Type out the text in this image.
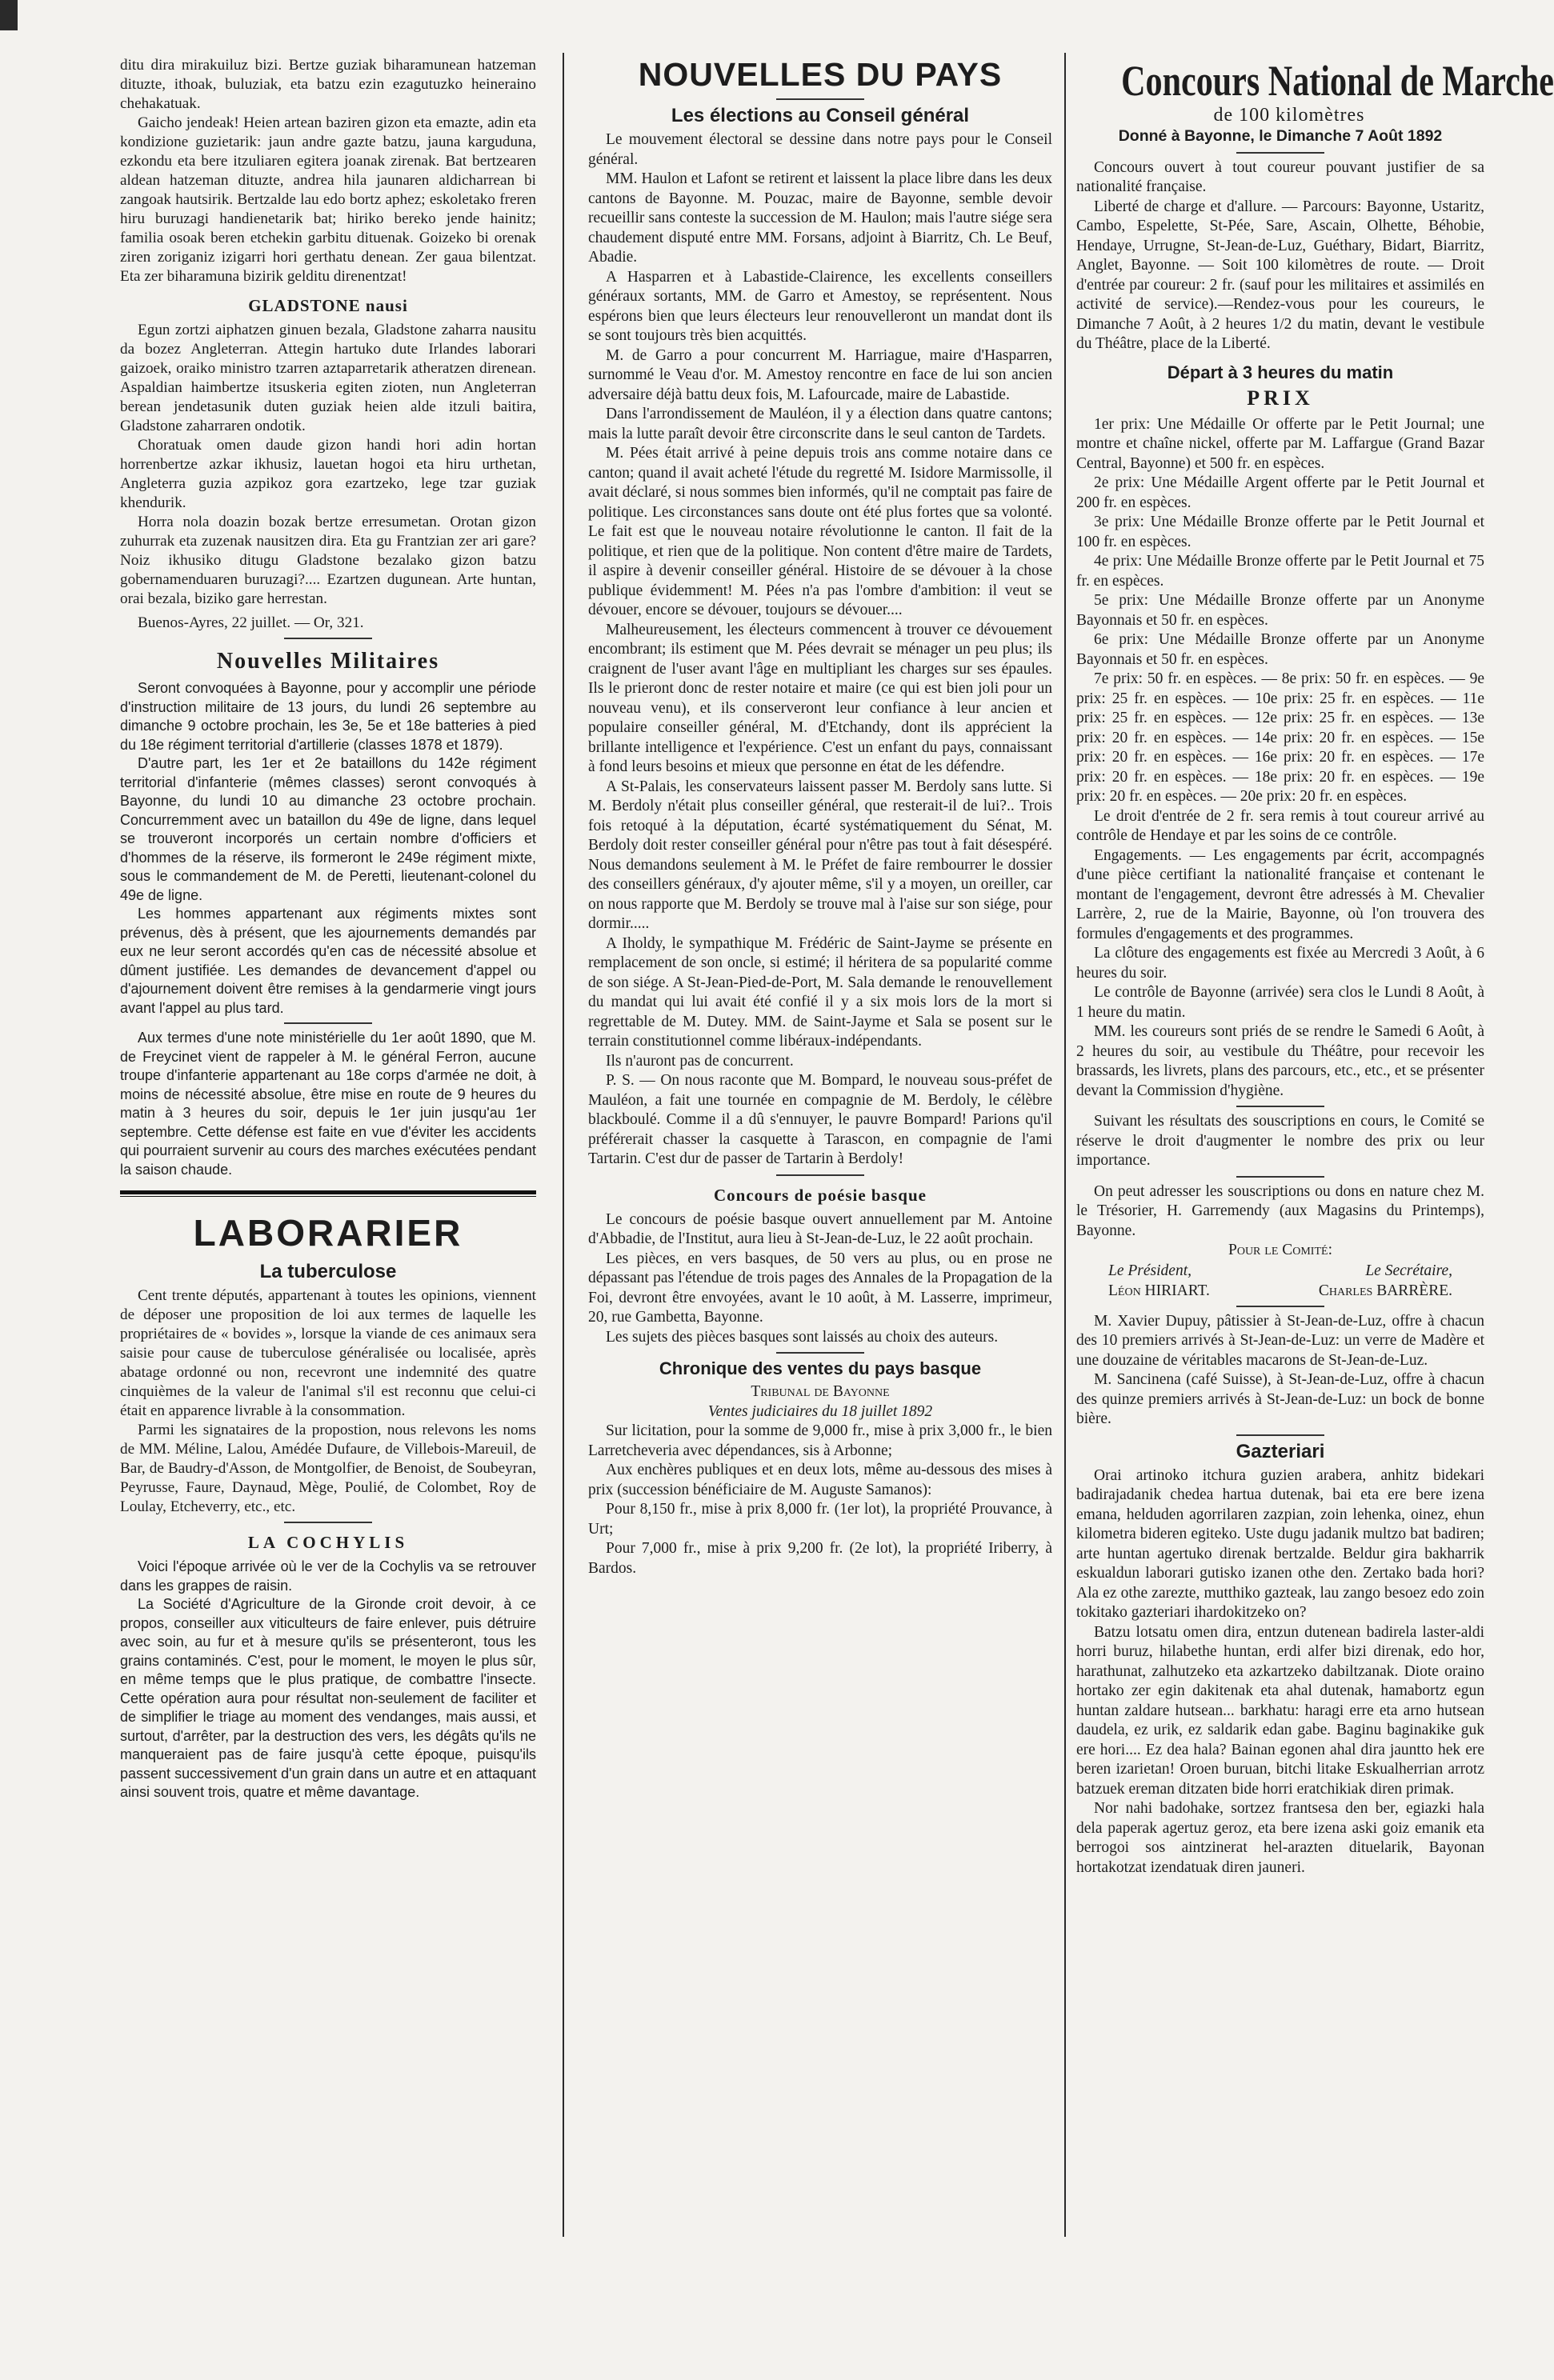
ditu dira mirakuiluz bizi. Bertze guziak biharamunean hatzeman dituzte, ithoak, buluziak, eta batzu ezin ezagutuzko heineraino chehakatuak.

Gaicho jendeak! Heien artean baziren gizon eta emazte, adin eta kondizione guzietarik: jaun andre gazte batzu, jauna karguduna, ezkondu eta bere itzuliaren egitera joanak zirenak. Bat bertzearen aldean hatzeman dituzte, andrea hila jaunaren aldicharrean bi zangoak hautsirik. Bertzalde lau edo bortz aphez; eskoletako freren hiru buruzagi handienetarik bat; hiriko bereko jende hainitz; familia osoak beren etchekin garbitu dituenak. Goizeko bi orenak ziren zoriganiz izigarri hori gerthatu denean. Zer gaua bilentzat. Eta zer biharamuna bizirik gelditu direnentzat!

GLADSTONE nausi

Egun zortzi aiphatzen ginuen bezala, Gladstone zaharra nausitu da bozez Angleterran. Attegin hartuko dute Irlandes laborari gaizoek, oraiko ministro tzarren aztaparretarik atheratzen direnean. Aspaldian haimbertze itsuskeria egiten zioten, nun Angleterran berean jendetasunik duten guziak heien alde itzuli baitira, Gladstone zaharraren ondotik.

Choratuak omen daude gizon handi hori adin hortan horrenbertze azkar ikhusiz, lauetan hogoi eta hiru urthetan, Angleterra guzia azpikoz gora ezartzeko, lege tzar guziak khendurik.

Horra nola doazin bozak bertze erresumetan. Orotan gizon zuhurrak eta zuzenak nausitzen dira. Eta gu Frantzian zer ari gare? Noiz ikhusiko ditugu Gladstone bezalako gizon batzu gobernamenduaren buruzagi?.... Ezartzen dugunean. Arte huntan, orai bezala, biziko gare herrestan.

Buenos-Ayres, 22 juillet. — Or, 321.

Nouvelles Militaires

Seront convoquées à Bayonne, pour y accomplir une période d'instruction militaire de 13 jours, du lundi 26 septembre au dimanche 9 octobre prochain, les 3e, 5e et 18e batteries à pied du 18e régiment territorial d'artillerie (classes 1878 et 1879).

D'autre part, les 1er et 2e bataillons du 142e régiment territorial d'infanterie (mêmes classes) seront convoqués à Bayonne, du lundi 10 au dimanche 23 octobre prochain. Concurremment avec un bataillon du 49e de ligne, dans lequel se trouveront incorporés un certain nombre d'officiers et d'hommes de la réserve, ils formeront le 249e régiment mixte, sous le commandement de M. de Peretti, lieutenant-colonel du 49e de ligne.

Les hommes appartenant aux régiments mixtes sont prévenus, dès à présent, que les ajournements demandés par eux ne leur seront accordés qu'en cas de nécessité absolue et dûment justifiée. Les demandes de devancement d'appel ou d'ajournement doivent être remises à la gendarmerie vingt jours avant l'appel au plus tard.

Aux termes d'une note ministérielle du 1er août 1890, que M. de Freycinet vient de rappeler à M. le général Ferron, aucune troupe d'infanterie appartenant au 18e corps d'armée ne doit, à moins de nécessité absolue, être mise en route de 9 heures du matin à 3 heures du soir, depuis le 1er juin jusqu'au 1er septembre. Cette défense est faite en vue d'éviter les accidents qui pourraient survenir au cours des marches exécutées pendant la saison chaude.

LABORARIER
La tuberculose

Cent trente députés, appartenant à toutes les opinions, viennent de déposer une proposition de loi aux termes de laquelle les propriétaires de « bovides », lorsque la viande de ces animaux sera saisie pour cause de tuberculose généralisée ou localisée, après abatage ordonné ou non, recevront une indemnité des quatre cinquièmes de la valeur de l'animal s'il est reconnu que celui-ci était en apparence livrable à la consommation.

Parmi les signataires de la propostion, nous relevons les noms de MM. Méline, Lalou, Amédée Dufaure, de Villebois-Mareuil, de Bar, de Baudry-d'Asson, de Montgolfier, de Benoist, de Soubeyran, Peyrusse, Faure, Daynaud, Mège, Poulié, de Colombet, Roy de Loulay, Etcheverry, etc., etc.

LA COCHYLIS

Voici l'époque arrivée où le ver de la Cochylis va se retrouver dans les grappes de raisin.

La Société d'Agriculture de la Gironde croit devoir, à ce propos, conseiller aux viticulteurs de faire enlever, puis détruire avec soin, au fur et à mesure qu'ils se présenteront, tous les grains contaminés. C'est, pour le moment, le moyen le plus sûr, en même temps que le plus pratique, de combattre l'insecte. Cette opération aura pour résultat non-seulement de faciliter et de simplifier le triage au moment des vendanges, mais aussi, et surtout, d'arrêter, par la destruction des vers, les dégâts qu'ils ne manqueraient pas de faire jusqu'à cette époque, puisqu'ils passent successivement d'un grain dans un autre et en attaquant ainsi souvent trois, quatre et même davantage.

NOUVELLES DU PAYS
Les élections au Conseil général

Le mouvement électoral se dessine dans notre pays pour le Conseil général.

MM. Haulon et Lafont se retirent et laissent la place libre dans les deux cantons de Bayonne. M. Pouzac, maire de Bayonne, semble devoir recueillir sans conteste la succession de M. Haulon; mais l'autre siége sera chaudement disputé entre MM. Forsans, adjoint à Biarritz, Ch. Le Beuf, Abadie.

A Hasparren et à Labastide-Clairence, les excellents conseillers généraux sortants, MM. de Garro et Amestoy, se représentent. Nous espérons bien que leurs électeurs leur renouvelleront un mandat dont ils se sont toujours très bien acquittés.

M. de Garro a pour concurrent M. Harriague, maire d'Hasparren, surnommé le Veau d'or. M. Amestoy rencontre en face de lui son ancien adversaire déjà battu deux fois, M. Lafourcade, maire de Labastide.

Dans l'arrondissement de Mauléon, il y a élection dans quatre cantons; mais la lutte paraît devoir être circonscrite dans le seul canton de Tardets.

M. Pées était arrivé à peine depuis trois ans comme notaire dans ce canton; quand il avait acheté l'étude du regretté M. Isidore Marmissolle, il avait déclaré, si nous sommes bien informés, qu'il ne comptait pas faire de politique. Les circonstances sans doute ont été plus fortes que sa volonté. Le fait est que le nouveau notaire révolutionne le canton. Il fait de la politique, et rien que de la politique. Non content d'être maire de Tardets, il aspire à devenir conseiller général. Histoire de se dévouer à la chose publique évidemment! M. Pées n'a pas l'ombre d'ambition: il veut se dévouer, encore se dévouer, toujours se dévouer....

Malheureusement, les électeurs commencent à trouver ce dévouement encombrant; ils estiment que M. Pées devrait se ménager un peu plus; ils craignent de l'user avant l'âge en multipliant les charges sur ses épaules. Ils le prieront donc de rester notaire et maire (ce qui est bien joli pour un nouveau venu), et ils conserveront leur confiance à leur ancien et populaire conseiller général, M. d'Etchandy, dont ils apprécient la brillante intelligence et l'expérience. C'est un enfant du pays, connaissant à fond leurs besoins et mieux que personne en état de les défendre.

A St-Palais, les conservateurs laissent passer M. Berdoly sans lutte. Si M. Berdoly n'était plus conseiller général, que resterait-il de lui?.. Trois fois retoqué à la députation, écarté systématiquement du Sénat, M. Berdoly doit rester conseiller général pour n'être pas tout à fait désespéré. Nous demandons seulement à M. le Préfet de faire rembourrer le dossier des conseillers généraux, d'y ajouter même, s'il y a moyen, un oreiller, car on nous rapporte que M. Berdoly se trouve mal à l'aise sur son siége, pour dormir.....

A Iholdy, le sympathique M. Frédéric de Saint-Jayme se présente en remplacement de son oncle, si estimé; il héritera de sa popularité comme de son siége. A St-Jean-Pied-de-Port, M. Sala demande le renouvellement du mandat qui lui avait été confié il y a six mois lors de la mort si regrettable de M. Dutey. MM. de Saint-Jayme et Sala se posent sur le terrain constitutionnel comme libéraux-indépendants.

Ils n'auront pas de concurrent.

P. S. — On nous raconte que M. Bompard, le nouveau sous-préfet de Mauléon, a fait une tournée en compagnie de M. Berdoly, le célèbre blackboulé. Comme il a dû s'ennuyer, le pauvre Bompard! Parions qu'il préférerait chasser la casquette à Tarascon, en compagnie de l'ami Tartarin. C'est dur de passer de Tartarin à Berdoly!

Concours de poésie basque

Le concours de poésie basque ouvert annuellement par M. Antoine d'Abbadie, de l'Institut, aura lieu à St-Jean-de-Luz, le 22 août prochain.

Les pièces, en vers basques, de 50 vers au plus, ou en prose ne dépassant pas l'étendue de trois pages des Annales de la Propagation de la Foi, devront être envoyées, avant le 10 août, à M. Lasserre, imprimeur, 20, rue Gambetta, Bayonne.

Les sujets des pièces basques sont laissés au choix des auteurs.

Chronique des ventes du pays basque

Tribunal de Bayonne

Ventes judiciaires du 18 juillet 1892

Sur licitation, pour la somme de 9,000 fr., mise à prix 3,000 fr., le bien Larretcheveria avec dépendances, sis à Arbonne;

Aux enchères publiques et en deux lots, même au-dessous des mises à prix (succession bénéficiaire de M. Auguste Samanos):

Pour 8,150 fr., mise à prix 8,000 fr. (1er lot), la propriété Prouvance, à Urt;

Pour 7,000 fr., mise à prix 9,200 fr. (2e lot), la propriété Iriberry, à Bardos.

Concours National de Marche

de 100 kilomètres

Donné à Bayonne, le Dimanche 7 Août 1892

Concours ouvert à tout coureur pouvant justifier de sa nationalité française.

Liberté de charge et d'allure. — Parcours: Bayonne, Ustaritz, Cambo, Espelette, St-Pée, Sare, Ascain, Olhette, Béhobie, Hendaye, Urrugne, St-Jean-de-Luz, Guéthary, Bidart, Biarritz, Anglet, Bayonne. — Soit 100 kilomètres de route. — Droit d'entrée par coureur: 2 fr. (sauf pour les militaires et assimilés en activité de service).—Rendez-vous pour les coureurs, le Dimanche 7 Août, à 2 heures 1/2 du matin, devant le vestibule du Théâtre, place de la Liberté.

Départ à 3 heures du matin
PRIX

1er prix: Une Médaille Or offerte par le Petit Journal; une montre et chaîne nickel, offerte par M. Laffargue (Grand Bazar Central, Bayonne) et 500 fr. en espèces.

2e prix: Une Médaille Argent offerte par le Petit Journal et 200 fr. en espèces.

3e prix: Une Médaille Bronze offerte par le Petit Journal et 100 fr. en espèces.

4e prix: Une Médaille Bronze offerte par le Petit Journal et 75 fr. en espèces.

5e prix: Une Médaille Bronze offerte par un Anonyme Bayonnais et 50 fr. en espèces.

6e prix: Une Médaille Bronze offerte par un Anonyme Bayonnais et 50 fr. en espèces.

7e prix: 50 fr. en espèces. — 8e prix: 50 fr. en espèces. — 9e prix: 25 fr. en espèces. — 10e prix: 25 fr. en espèces. — 11e prix: 25 fr. en espèces. — 12e prix: 25 fr. en espèces. — 13e prix: 20 fr. en espèces. — 14e prix: 20 fr. en espèces. — 15e prix: 20 fr. en espèces. — 16e prix: 20 fr. en espèces. — 17e prix: 20 fr. en espèces. — 18e prix: 20 fr. en espèces. — 19e prix: 20 fr. en espèces. — 20e prix: 20 fr. en espèces.

Le droit d'entrée de 2 fr. sera remis à tout coureur arrivé au contrôle de Hendaye et par les soins de ce contrôle.

Engagements. — Les engagements par écrit, accompagnés d'une pièce certifiant la nationalité française et contenant le montant de l'engagement, devront être adressés à M. Chevalier Larrère, 2, rue de la Mairie, Bayonne, où l'on trouvera des formules d'engagements et des programmes.

La clôture des engagements est fixée au Mercredi 3 Août, à 6 heures du soir.

Le contrôle de Bayonne (arrivée) sera clos le Lundi 8 Août, à 1 heure du matin.

MM. les coureurs sont priés de se rendre le Samedi 6 Août, à 2 heures du soir, au vestibule du Théâtre, pour recevoir les brassards, les livrets, plans des parcours, etc., etc., et se présenter devant la Commission d'hygiène.

Suivant les résultats des souscriptions en cours, le Comité se réserve le droit d'augmenter le nombre des prix ou leur importance.

On peut adresser les souscriptions ou dons en nature chez M. le Trésorier, H. Garremendy (aux Magasins du Printemps), Bayonne.

Pour le Comité:

Le Président,	Le Secrétaire,
Léon HIRIART.	Charles BARRÈRE.

M. Xavier Dupuy, pâtissier à St-Jean-de-Luz, offre à chacun des 10 premiers arrivés à St-Jean-de-Luz: un verre de Madère et une douzaine de véritables macarons de St-Jean-de-Luz.

M. Sancinena (café Suisse), à St-Jean-de-Luz, offre à chacun des quinze premiers arrivés à St-Jean-de-Luz: un bock de bonne bière.

Gazteriari

Orai artinoko itchura guzien arabera, anhitz bidekari badirajadanik chedea hartua dutenak, bai eta ere bere izena emana, helduden agorrilaren zazpian, zoin lehenka, oinez, ehun kilometra bideren egiteko. Uste dugu jadanik multzo bat badiren; arte huntan agertuko direnak bertzalde. Beldur gira bakharrik eskualdun laborari gutisko izanen othe den. Zertako bada hori? Ala ez othe zarezte, mutthiko gazteak, lau zango besoez edo zoin tokitako gazteriari ihardokitzeko on?

Batzu lotsatu omen dira, entzun dutenean badirela laster-aldi horri buruz, hilabethe huntan, erdi alfer bizi direnak, edo hor, harathunat, zalhutzeko eta azkartzeko dabiltzanak. Diote oraino hortako zer egin dakitenak eta ahal dutenak, hamabortz egun huntan zaldare hutsean... barkhatu: haragi erre eta arno hutsean daudela, ez urik, ez saldarik edan gabe. Baginu baginakike guk ere hori.... Ez dea hala? Bainan egonen ahal dira jauntto hek ere beren izarietan! Oroen buruan, bitchi litake Eskualherrian arrotz batzuek ereman ditzaten bide horri eratchikiak diren primak.

Nor nahi badohake, sortzez frantsesa den ber, egiazki hala dela paperak agertuz geroz, eta bere izena aski goiz emanik eta berrogoi sos aintzinerat hel-arazten dituelarik, Bayonan hortakotzat izendatuak diren jauneri.
